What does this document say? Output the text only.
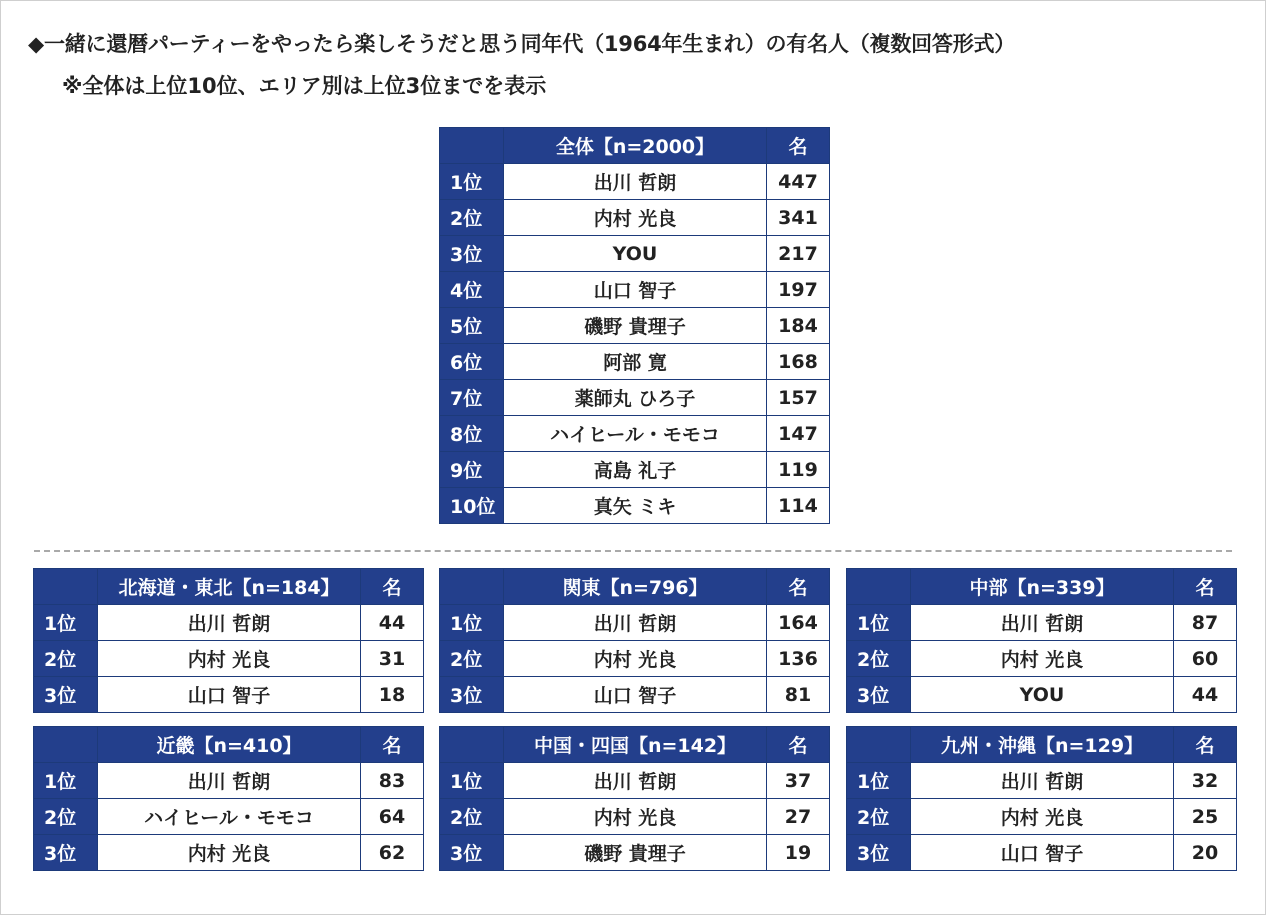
◆一緒に還暦パーティーをやったら楽しそうだと思う同年代（1964年生まれ）の有名人（複数回答形式）
※全体は上位10位、エリア別は上位3位までを表示
	全体【n=2000】	名
1位	出川 哲朗	447
2位	内村 光良	341
3位	YOU	217
4位	山口 智子	197
5位	磯野 貴理子	184
6位	阿部 寛	168
7位	薬師丸 ひろ子	157
8位	ハイヒール・モモコ	147
9位	高島 礼子	119
10位	真矢 ミキ	114
	北海道・東北【n=184】	名
1位	出川 哲朗	44
2位	内村 光良	31
3位	山口 智子	18
	関東【n=796】	名
1位	出川 哲朗	164
2位	内村 光良	136
3位	山口 智子	81
	中部【n=339】	名
1位	出川 哲朗	87
2位	内村 光良	60
3位	YOU	44
	近畿【n=410】	名
1位	出川 哲朗	83
2位	ハイヒール・モモコ	64
3位	内村 光良	62
	中国・四国【n=142】	名
1位	出川 哲朗	37
2位	内村 光良	27
3位	磯野 貴理子	19
	九州・沖縄【n=129】	名
1位	出川 哲朗	32
2位	内村 光良	25
3位	山口 智子	20
